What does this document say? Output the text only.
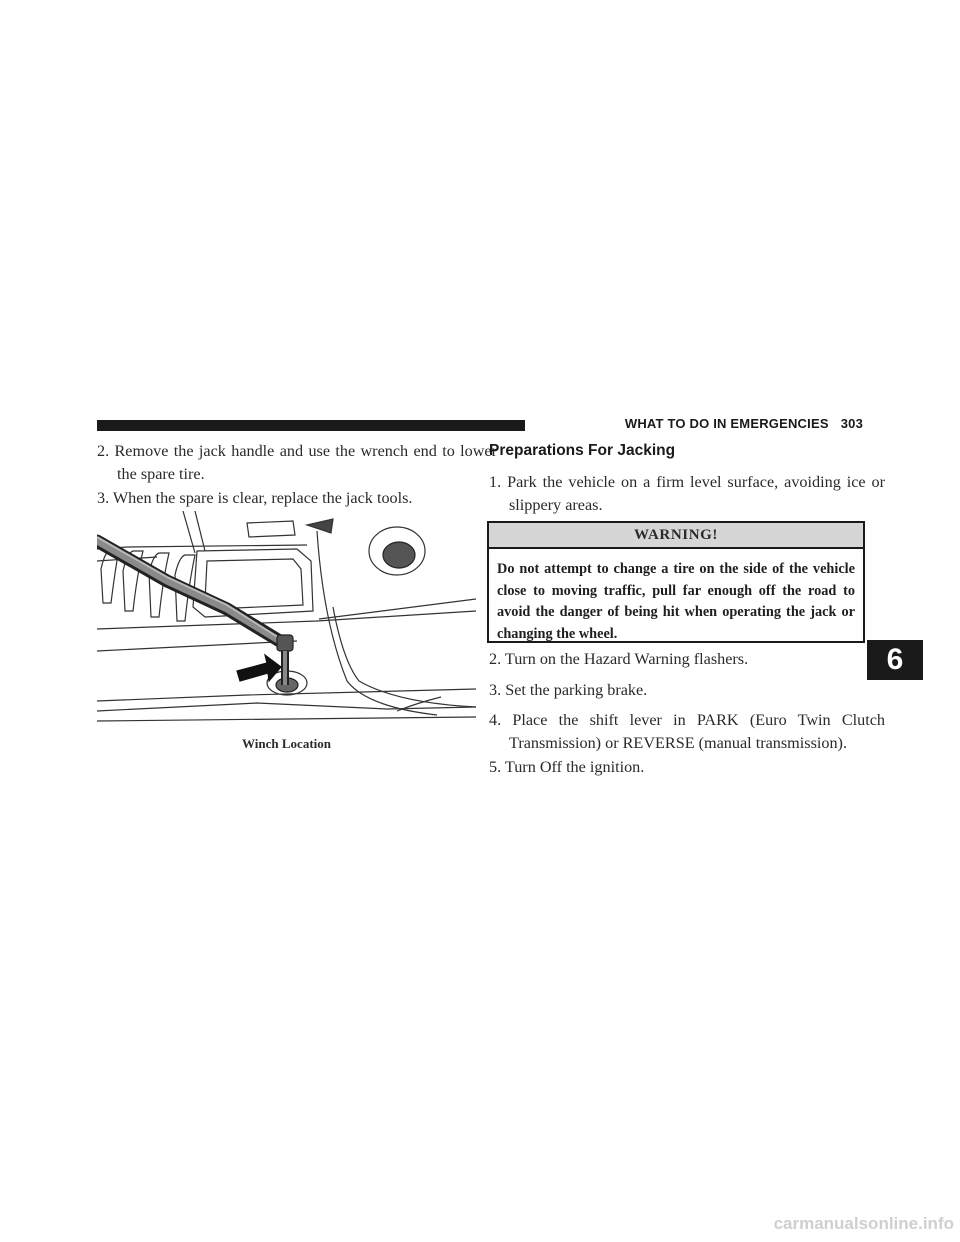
WHAT TO DO IN EMERGENCIES 303

2. Remove the jack handle and use the wrench end to lower the spare tire.

3. When the spare is clear, replace the jack tools.

Winch Location
Preparations For Jacking

1. Park the vehicle on a firm level surface, avoiding ice or slippery areas.

WARNING!
Do not attempt to change a tire on the side of the vehicle close to moving traffic, pull far enough off the road to avoid the danger of being hit when operating the jack or changing the wheel.

2. Turn on the Hazard Warning flashers.

3. Set the parking brake.

4. Place the shift lever in PARK (Euro Twin Clutch Transmission) or REVERSE (manual transmission).

5. Turn Off the ignition.

6
carmanualsonline.info
